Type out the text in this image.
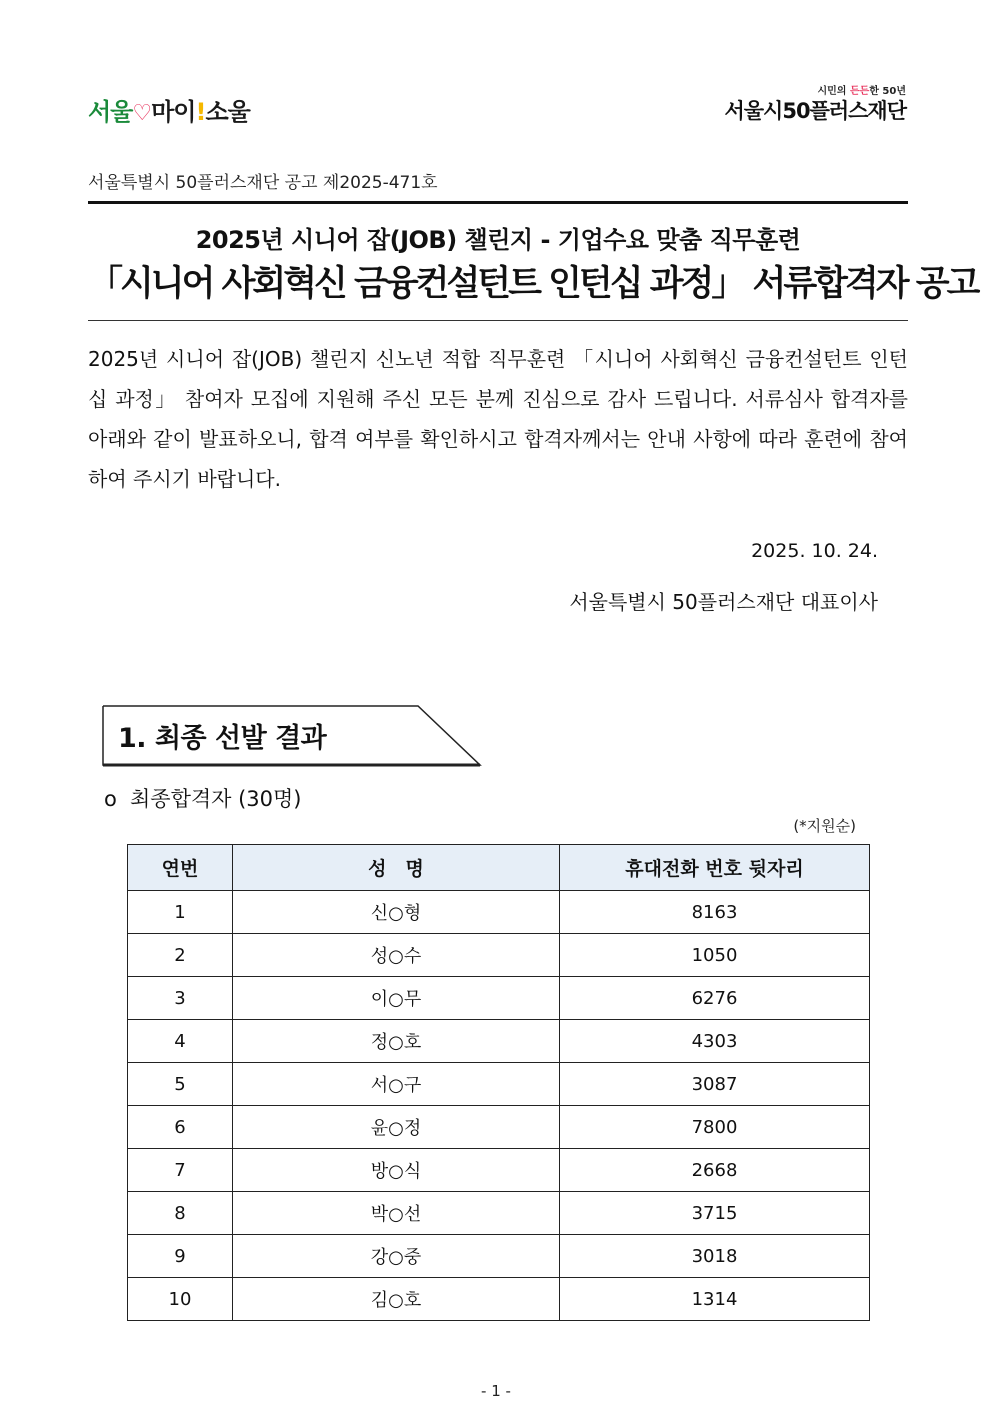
서울♡마이!소울
시민의 든든한 50년
서울시50플러스재단
서울특별시 50플러스재단 공고 제2025-471호
2025년 시니어 잡(JOB) 챌린지 - 기업수요 맞춤 직무훈련
「시니어 사회혁신 금융컨설턴트 인턴십 과정」 서류합격자 공고
2025년 시니어 잡(JOB) 챌린지 신노년 적합 직무훈련 「시니어 사회혁신 금융컨설턴트 인턴십 과정」 참여자 모집에 지원해 주신 모든 분께 진심으로 감사 드립니다. 서류심사 합격자를 아래와 같이 발표하오니, 합격 여부를 확인하시고 합격자께서는 안내 사항에 따라 훈련에 참여하여 주시기 바랍니다.
2025. 10. 24.
서울특별시 50플러스재단 대표이사
1. 최종 선발 결과
o 최종합격자 (30명)
(*지원순)
연번	성　명	휴대전화 번호 뒷자리
1	신○형	8163
2	성○수	1050
3	이○무	6276
4	정○호	4303
5	서○구	3087
6	윤○정	7800
7	방○식	2668
8	박○선	3715
9	강○중	3018
10	김○호	1314
- 1 -
